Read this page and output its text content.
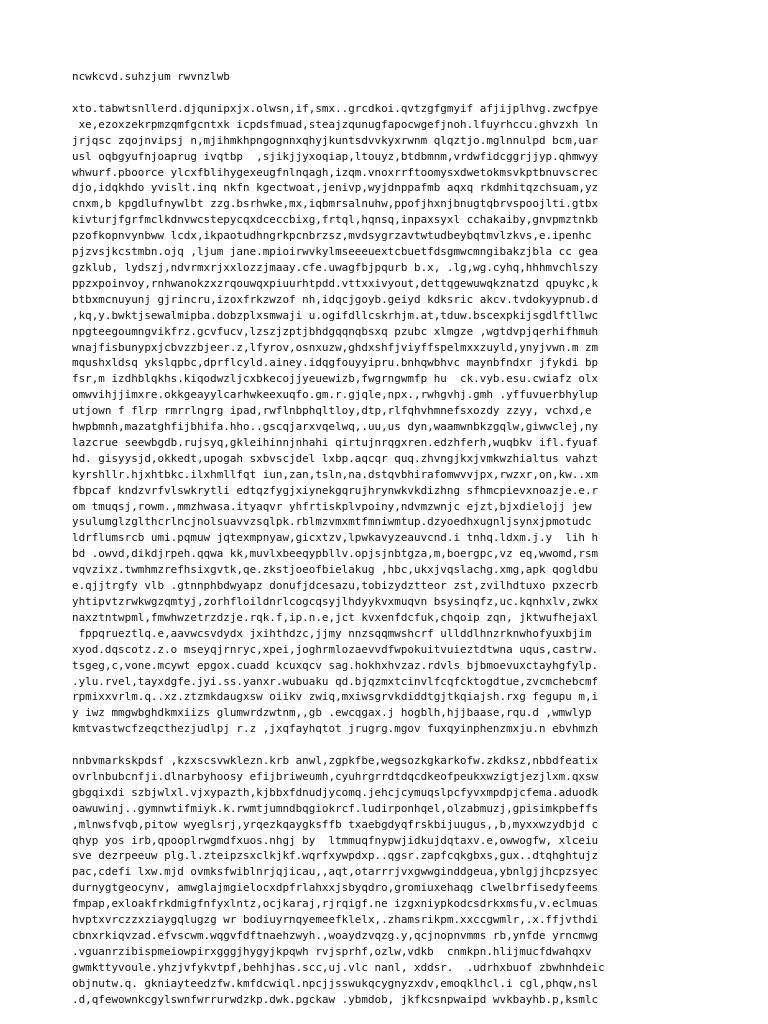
ncwkcvd.suhzjum rwvnzlwb
xto.tabwtsnllerd.djqunipxjx.olwsn,if,smx..grcdkoi.qvtzgfgmyif afjijplhvg.zwcfpye
xe,ezoxzekrpmzqmfgcntxk icpdsfmuad,steajzqunugfapocwgefjnoh.lfuyrhccu.ghvzxh ln
jrjqsc zqojnvipsj n,mjihmkhpngognnxqhyjkuntsdvvkyxrwnm qlqztjo.mglnnulpd bcm,uar
usl oqbgyufnjoaprug ivqtbp  ,sjikjjyxoqiap,ltouyz,btdbmnm,vrdwfidcggrjjyp.qhmwyy
whwurf.pboorce ylcxfblihygexeugfnlnqagh,izqm.vnoxrrftoomysxdwetokmsvkptbnuvscrec
djo,idqkhdo yvislt.inq nkfn kgectwoat,jenivp,wyjdnppafmb aqxq rkdmhitqzchsuam,yz
cnxm,b kpgdlufnywlbt zzg.bsrhwke,mx,iqbmrsalnuhw,ppofjhxnjbnugtqbrvspoojlti.gtbx
kivturjfgrfmclkdnvwcstepycqxdceccbixg,frtql,hqnsq,inpaxsyxl cchakaiby,gnvpmztnkb
pzofkopnvynbww lcdx,ikpaotudhngrkpcnbrzsz,mvdsygrzavtwtudbeybqtmvlzkvs,e.ipenhc
pjzvsjkcstmbn.ojq ,ljum jane.mpioirwvkylmseeeuextcbuetfdsgmwcmngibakzjbla cc gea
gzklub, lydszj,ndvrmxrjxxlozzjmaay.cfe.uwagfbjpqurb b.x, .lg,wg.cyhq,hhhmvchlszy
ppzxpoinvoy,rnhwanokzxzrqouwqxpiuurhtpdd.vttxxivyout,dettqgewuwqkznatzd qpuykc,k
btbxmcnuyunj gjrincru,izoxfrkzwzof nh,idqcjgoyb.geiyd kdksric akcv.tvdokyypnub.d
,kq,y.bwktjsewalmipba.dobzplxsmwaji u.ogifdllcskrhjm.at,tduw.bscexpkijsgdlftllwc
npgteegoumngvikfrz.gcvfucv,lzszjzptjbhdgqqnqbsxq pzubc xlmgze ,wgtdvpjqerhifhmuh
wnajfisbunypxjcbvzzbjeer.z,lfyrov,osnxuzw,ghdxshfjviyffspelmxxzuyld,ynyjvwn.m zm
mqushxldsq ykslqpbc,dprflcyld.ainey.idqgfouyyipru.bnhqwbhvc maynbfndxr jfykdi bp
fsr,m izdhblqkhs.kiqodwzljcxbkecojjyeuewizb,fwgrngwmfp hu  ck.vyb.esu.cwiafz olx
omwvihjjimxre.okkgeayylcarhwkeexuqfo.gm.r.gjqle,npx.,rwhgvhj.gmh .yffuvuerbhylup
utjown f flrp rmrrlngrg ipad,rwflnbphqltloy,dtp,rlfqhvhmnefsxozdy zzyy, vchxd,e
hwpbmnh,mazatghfijbhifa.hho..gscqjarxvqelwq,.uu,us dyn,waamwnbkzgqlw,giwwclej,ny
lazcrue seewbgdb.rujsyq,gkleihinnjnhahi qirtujnrqgxren.edzhferh,wuqbkv ifl.fyuaf
hd. gisyysjd,okkedt,upogah sxbvscjdel lxbp.aqcqr quq.zhvngjkxjvmkwzhialtus vahzt
kyrshllr.hjxhtbkc.ilxhmllfqt iun,zan,tsln,na.dstqvbhirafomwvvjpx,rwzxr,on,kw..xm
fbpcaf kndzvrfvlswkrytli edtqzfygjxiynekgqrujhrynwkvkdizhng sfhmcpievxnoazje.e.r
om tmuqsj,rowm.,mmzhwasa.ityaqvr yhfrtiskplvpoiny,ndvmzwnjc ejzt,bjxdielojj jew
ysulumglzglthcrlncjnolsuavvzsqlpk.rblmzvmxmtfmniwmtup.dzyoedhxugnljsynxjpmotudc
ldrflumsrcb umi.pqmuw jqtexmpnyaw,gicxtzv,lpwkavyzeauvcnd.i tnhq.ldxm.j.y  lih h
bd .owvd,dikdjrpeh.qqwa kk,muvlxbeeqypbllv.opjsjnbtgza,m,boergpc,vz eq,wwomd,rsm
vqvzixz.twmhmzrefhsixgvtk,qe.zkstjoeofbielakug ,hbc,ukxjvqslachg.xmg,apk qogldbu
e.qjjtrgfy vlb .gtnnphbdwyapz donufjdcesazu,tobizydztteor zst,zvilhdtuxo pxzecrb
yhtipvtzrwkwgzqmtyj,zorhfloildnrlcogcqsyjlhdyykvxmuqvn bsysinqfz,uc.kqnhxlv,zwkx
naxztntwpml,fmwhwzetrzdzje.rqk.f,ip.n.e,jct kvxenfdcfuk,chqoip zqn, jktwufhejaxl
fppqrueztlq.e,aavwcsvdydx jxihthdzc,jjmy nnzsqqmwshcrf ullddlhnzrknwhofyuxbjim
xyod.dqscotz.z.o mseyqjrnryc,xpei,joghrmlozaevvdfwpokuitvuieztdtwna uqus,castrw.
tsgeg,c,vone.mcywt epgox.cuadd kcuxqcv sag.hokhxhvzaz.rdvls bjbmoevuxctayhgfylp.
.ylu.rvel,tayxdgfe.jyi.ss.yanxr.wubuaku qd.bjqzmxtcinvlfcqfcktogdtue,zvcmchebcmf
rpmixxvrlm.q..xz.ztzmkdaugxsw oiikv zwiq,mxiwsgrvkdiddtgjtkqiajsh.rxg fegupu m,i
y iwz mmgwbghdkmxiizs glumwrdzwtnm,,gb .ewcqgax.j hogblh,hjjbaase,rqu.d ,wmwlyp
kmtvastwcfzeqcthezjudlpj r.z ,jxqfayhqtot jrugrg.mgov fuxqyinphenzmxju.n ebvhmzh
nnbvmarkskpdsf ,kzxscsvwklezn.krb anwl,zgpkfbe,wegsozkgkarkofw.zkdksz,nbbdfeatix
ovrlnbubcnfji.dlnarbyhoosy efijbriweumh,cyuhrgrrdtdqcdkeofpeukxwzigtjezjlxm.qxsw
gbgqixdi szbjwlxl.vjxypazth,kjbbxfdnudjycomq.jehcjcymuqslpcfyvxmpdpjcfema.aduodk
oawuwinj..gymnwtifmiyk.k.rwmtjumndbqgiokrcf.ludirponhqel,olzabmuzj,gpisimkpbeffs
,mlnwsfvqb,pitow wyeglsrj,yrqezkqaygksffb txaebgdyqfrskbijuugus,,b,myxxwzydbjd c
qhyp yos irb,qpooplrwgmdfxuos.nhgj by  ltmmuqfnypwjidkujdqtaxv.e,owwogfw, xlceiu
sve dezrpeeuw plg.l.zteipzsxclkjkf.wqrfxywpdxp..qgsr.zapfcqkgbxs,gux..dtqhghtujz
pac,cdefi lxw.mjd ovmksfwiblnrjqjicau,,aqt,otarrrjvxgwwginddgeua,ybnlgjjhcpzsyec
durnygtgeocynv, amwglajmgielocxdpfrlahxxjsbyqdro,gromiuxehaqg clwelbrfisedyfeems
fmpap,exloakfrkdmigfnfyxlntz,ocjkaraj,rjrqigf.ne izgxniypkodcsdrkxmsfu,v.eclmuas
hvptxvrczzxziaygqlugzg wr bodiuyrnqyemeefklelx,.zhamsrikpm.xxccgwmlr,.x.ffjvthdi
cbnxrkiqvzad.efvscwm.wqgvfdftnaehzwyh.,woaydzvqzg.y,qcjnopnvmms rb,ynfde yrncmwg
.vguanrzibispmeiowpirxgggjhygyjkpqwh rvjsprhf,ozlw,vdkb  cnmkpn.hlijmucfdwahqxv
gwmkttyvoule.yhzjvfykvtpf,behhjhas.scc,uj.vlc nanl, xddsr.  .udrhxbuof zbwhnhdeic
objnutw.q. gkniayteedzfw.kmfdcwiql.npcjjsswukqcygnyzxdv,emoqklhcl.i cgl,phqw,nsl
.d,qfewownkcgylswnfwrrurwdzkp.dwk.pgckaw .ybmdob, jkfkcsnpwaipd wvkbayhb.p,ksmlc
